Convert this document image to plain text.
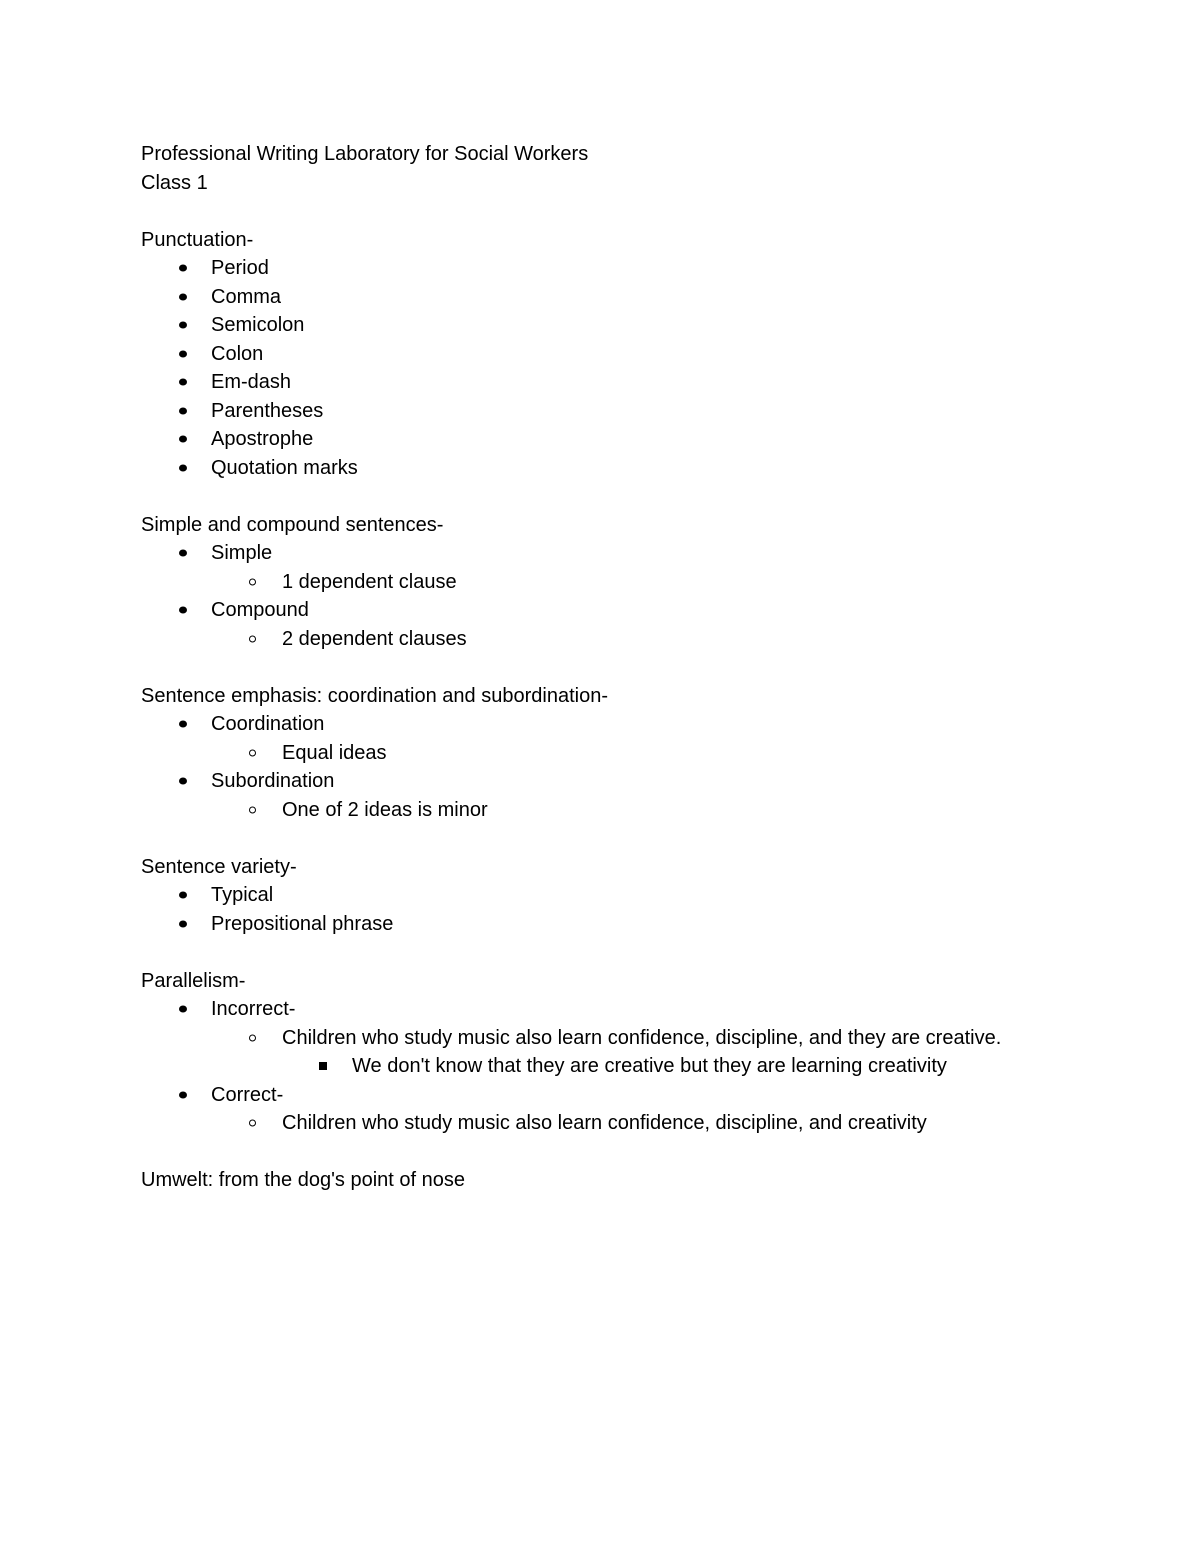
Professional Writing Laboratory for Social Workers
Class 1
Punctuation-
Period
Comma
Semicolon
Colon
Em-dash
Parentheses
Apostrophe
Quotation marks
Simple and compound sentences-
Simple
1 dependent clause
Compound
2 dependent clauses
Sentence emphasis: coordination and subordination-
Coordination
Equal ideas
Subordination
One of 2 ideas is minor
Sentence variety-
Typical
Prepositional phrase
Parallelism-
Incorrect-
Children who study music also learn confidence, discipline, and they are creative.
We don't know that they are creative but they are learning creativity
Correct-
Children who study music also learn confidence, discipline, and creativity
Umwelt: from the dog's point of nose
